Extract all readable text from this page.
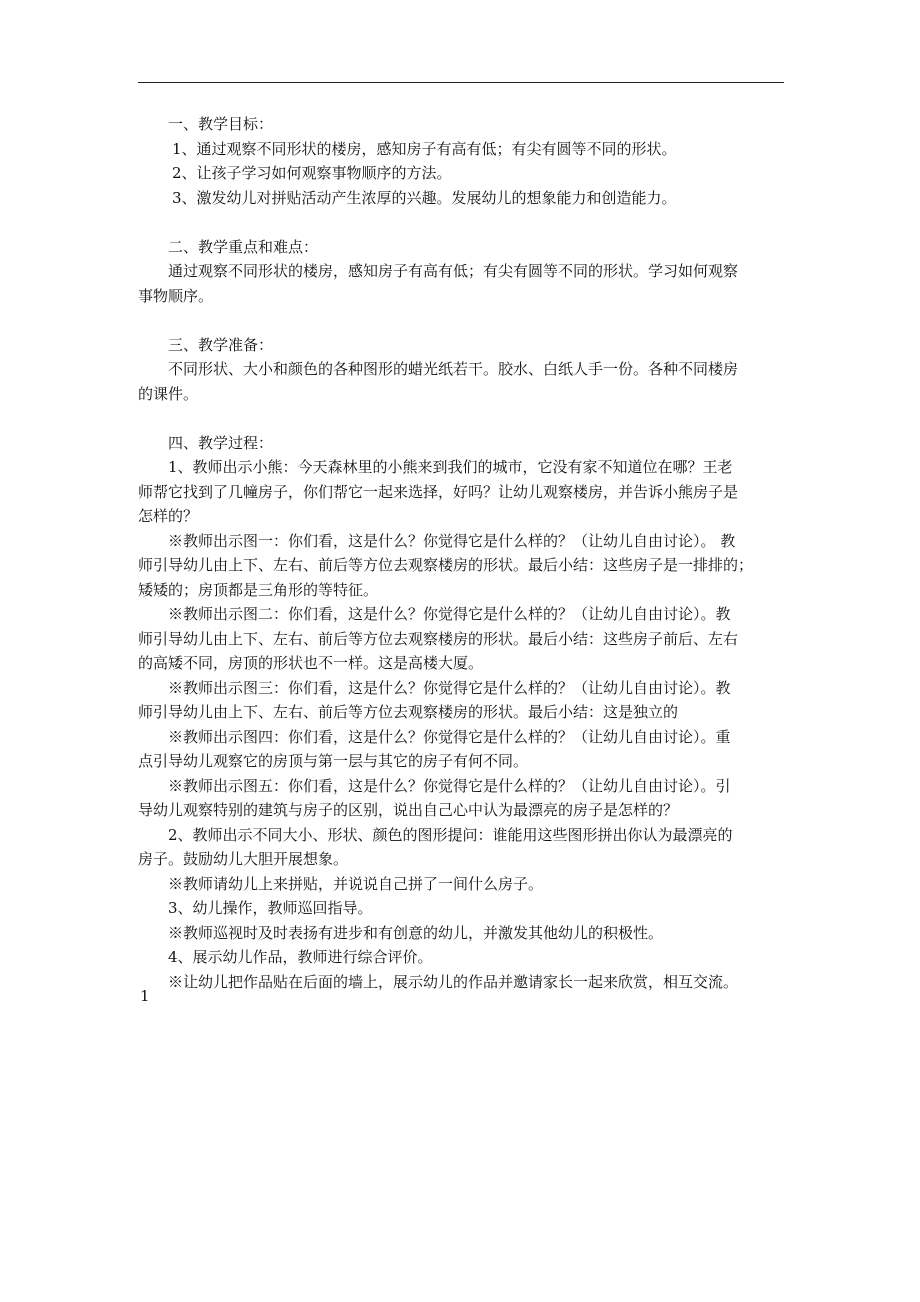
一、教学目标：
1、通过观察不同形状的楼房，感知房子有高有低；有尖有圆等不同的形状。
2、让孩子学习如何观察事物顺序的方法。
3、激发幼儿对拼贴活动产生浓厚的兴趣。发展幼儿的想象能力和创造能力。
二、教学重点和难点：
通过观察不同形状的楼房，感知房子有高有低；有尖有圆等不同的形状。学习如何观察
事物顺序。
三、教学准备：
不同形状、大小和颜色的各种图形的蜡光纸若干。胶水、白纸人手一份。各种不同楼房
的课件。
四、教学过程：
1、教师出示小熊：今天森林里的小熊来到我们的城市，它没有家不知道位在哪？王老
师帮它找到了几幢房子，你们帮它一起来选择，好吗？让幼儿观察楼房，并告诉小熊房子是
怎样的？
※教师出示图一：你们看，这是什么？你觉得它是什么样的？（让幼儿自由讨论）。 教
师引导幼儿由上下、左右、前后等方位去观察楼房的形状。最后小结：这些房子是一排排的；
矮矮的；房顶都是三角形的等特征。
※教师出示图二：你们看，这是什么？你觉得它是什么样的？（让幼儿自由讨论）。教
师引导幼儿由上下、左右、前后等方位去观察楼房的形状。最后小结：这些房子前后、左右
的高矮不同，房顶的形状也不一样。这是高楼大厦。
※教师出示图三：你们看，这是什么？你觉得它是什么样的？（让幼儿自由讨论）。教
师引导幼儿由上下、左右、前后等方位去观察楼房的形状。最后小结：这是独立的
※教师出示图四：你们看，这是什么？你觉得它是什么样的？（让幼儿自由讨论）。重
点引导幼儿观察它的房顶与第一层与其它的房子有何不同。
※教师出示图五：你们看，这是什么？你觉得它是什么样的？（让幼儿自由讨论）。引
导幼儿观察特别的建筑与房子的区别，说出自己心中认为最漂亮的房子是怎样的？
2、教师出示不同大小、形状、颜色的图形提问：谁能用这些图形拼出你认为最漂亮的
房子。鼓励幼儿大胆开展想象。
※教师请幼儿上来拼贴，并说说自己拼了一间什么房子。
3、幼儿操作，教师巡回指导。
※教师巡视时及时表扬有进步和有创意的幼儿，并激发其他幼儿的积极性。
4、展示幼儿作品，教师进行综合评价。
※让幼儿把作品贴在后面的墙上，展示幼儿的作品并邀请家长一起来欣赏，相互交流。
1
